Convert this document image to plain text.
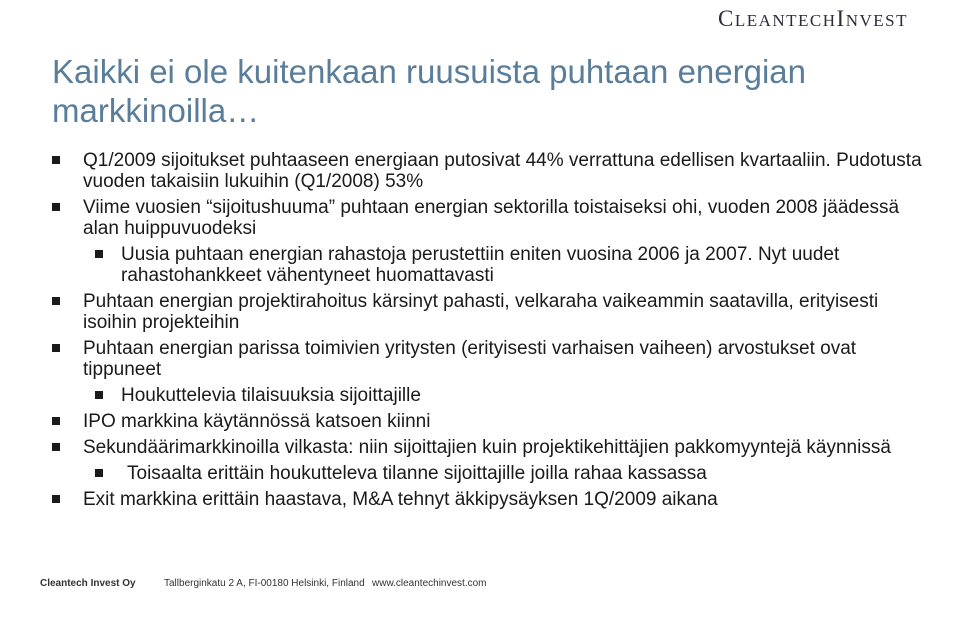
CLEANTECHINVEST
Kaikki ei ole kuitenkaan ruusuista puhtaan energian markkinoilla…
Q1/2009 sijoitukset puhtaaseen energiaan putosivat 44% verrattuna edellisen kvartaaliin. Pudotusta vuoden takaisiin lukuihin (Q1/2008) 53%
Viime vuosien “sijoitushuuma” puhtaan energian sektorilla toistaiseksi ohi, vuoden 2008 jäädessä alan huippuvuodeksi
Uusia puhtaan energian rahastoja perustettiin eniten vuosina 2006 ja 2007. Nyt uudet rahastohankkeet vähentyneet huomattavasti
Puhtaan energian projektirahoitus kärsinyt pahasti, velkaraha vaikeammin saatavilla, erityisesti isoihin projekteihin
Puhtaan energian parissa toimivien yritysten (erityisesti varhaisen vaiheen) arvostukset ovat tippuneet
Houkuttelevia tilaisuuksia sijoittajille
IPO markkina käytännössä katsoen kiinni
Sekundäärimarkkinoilla vilkasta: niin sijoittajien kuin projektikehittäjien pakkomyyntejä käynnissä
Toisaalta erittäin houkutteleva tilanne sijoittajille joilla rahaa kassassa
Exit markkina erittäin haastava, M&A tehnyt äkkipysäyksen 1Q/2009 aikana
Cleantech Invest Oy	Tallberginkatu 2 A, FI-00180 Helsinki, Finland www.cleantechinvest.com
